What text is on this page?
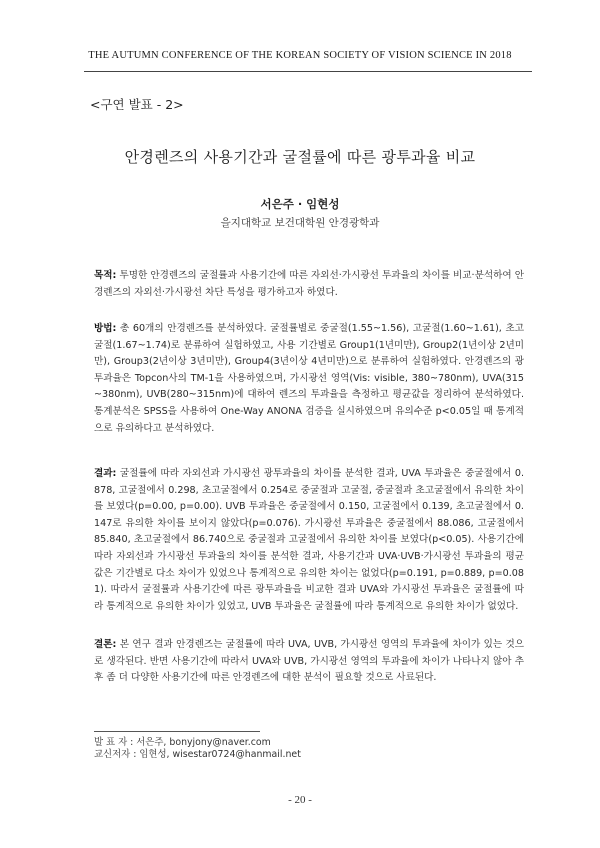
THE AUTUMN CONFERENCE OF THE KOREAN SOCIETY OF VISION SCIENCE IN 2018
<구연 발표 - 2>
안경렌즈의 사용기간과 굴절률에 따른 광투과율 비교
서은주 · 임현성
을지대학교 보건대학원 안경광학과

목적: 투명한 안경렌즈의 굴절률과 사용기간에 따른 자외선·가시광선 투과율의 차이를 비교·분석하여 안경렌즈의 자외선·가시광선 차단 특성을 평가하고자 하였다.

방법: 총 60개의 안경렌즈를 분석하였다. 굴절률별로 중굴절(1.55~1.56), 고굴절(1.60~1.61), 초고굴절(1.67~1.74)로 분류하여 실험하였고, 사용 기간별로 Group1(1년미만), Group2(1년이상 2년미만), Group3(2년이상 3년미만), Group4(3년이상 4년미만)으로 분류하여 실험하였다. 안경렌즈의 광투과율은 Topcon사의 TM-1을 사용하였으며, 가시광선 영역(Vis: visible, 380~780nm), UVA(315~380nm), UVB(280~315nm)에 대하여 렌즈의 투과율을 측정하고 평균값을 정리하여 분석하였다. 통계분석은 SPSS을 사용하여 One-Way ANONA 검증을 실시하였으며 유의수준 p<0.05일 때 통계적으로 유의하다고 분석하였다.

결과: 굴절률에 따라 자외선과 가시광선 광투과율의 차이를 분석한 결과, UVA 투과율은 중굴절에서 0.878, 고굴절에서 0.298, 초고굴절에서 0.254로 중굴절과 고굴절, 중굴절과 초고굴절에서 유의한 차이를 보였다(p=0.00, p=0.00). UVB 투과율은 중굴절에서 0.150, 고굴절에서 0.139, 초고굴절에서 0.147로 유의한 차이를 보이지 않았다(p=0.076). 가시광선 투과율은 중굴절에서 88.086, 고굴절에서 85.840, 초고굴절에서 86.740으로 중굴절과 고굴절에서 유의한 차이를 보였다(p<0.05). 사용기간에 따라 자외선과 가시광선 투과율의 차이를 분석한 결과, 사용기간과 UVA·UVB·가시광선 투과율의 평균값은 기간별로 다소 차이가 있었으나 통계적으로 유의한 차이는 없었다(p=0.191, p=0.889, p=0.081). 따라서 굴절률과 사용기간에 따른 광투과율을 비교한 결과 UVA와 가시광선 투과율은 굴절률에 따라 통계적으로 유의한 차이가 있었고, UVB 투과율은 굴절률에 따라 통계적으로 유의한 차이가 없었다.

결론: 본 연구 결과 안경렌즈는 굴절률에 따라 UVA, UVB, 가시광선 영역의 투과율에 차이가 있는 것으로 생각된다. 반면 사용기간에 따라서 UVA와 UVB, 가시광선 영역의 투과율에 차이가 나타나지 않아 추후 좀 더 다양한 사용기간에 따른 안경렌즈에 대한 분석이 필요할 것으로 사료된다.

발 표 자 : 서은주, bonyjony@naver.com
교신저자 : 임현성, wisestar0724@hanmail.net
- 20 -
